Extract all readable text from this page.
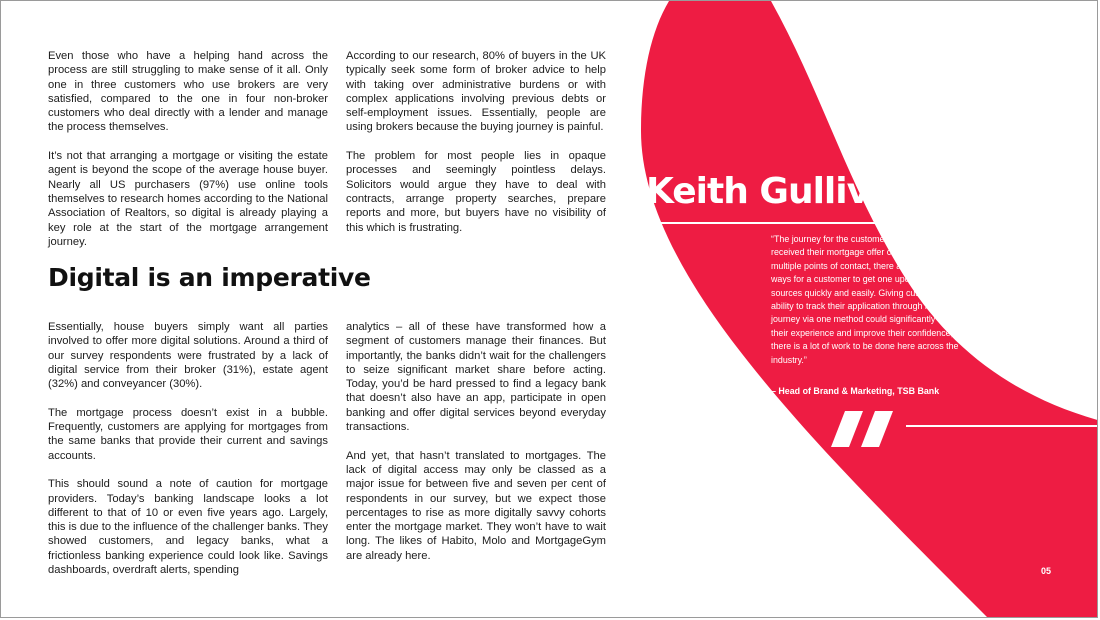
Even those who have a helping hand across the process are still struggling to make sense of it all. Only one in three customers who use brokers are very satisfied, compared to the one in four non-broker customers who deal directly with a lender and manage the process themselves.

It’s not that arranging a mortgage or visiting the estate agent is beyond the scope of the average house buyer. Nearly all US purchasers (97%) use online tools themselves to research homes according to the National Association of Realtors, so digital is already playing a key role at the start of the mortgage arrangement journey.

According to our research, 80% of buyers in the UK typically seek some form of broker advice to help with taking over administrative burdens or with complex applications involving previous debts or self-employment issues. Essentially, people are using brokers because the buying journey is painful.

The problem for most people lies in opaque processes and seemingly pointless delays. Solicitors would argue they have to deal with contracts, arrange property searches, prepare reports and more, but buyers have no visibility of this which is frustrating.

Digital is an imperative

Essentially, house buyers simply want all parties involved to offer more digital solutions. Around a third of our survey respondents were frustrated by a lack of digital service from their broker (31%), estate agent (32%) and conveyancer (30%).

The mortgage process doesn’t exist in a bubble. Frequently, customers are applying for mortgages from the same banks that provide their current and savings accounts.

This should sound a note of caution for mortgage providers. Today’s banking landscape looks a lot different to that of 10 or even five years ago. Largely, this is due to the influence of the challenger banks. They showed customers, and legacy banks, what a frictionless banking experience could look like. Savings dashboards, overdraft alerts, spending

analytics – all of these have transformed how a segment of customers manage their finances. But importantly, the banks didn’t wait for the challengers to seize significant market share before acting. Today, you’d be hard pressed to find a legacy bank that doesn’t also have an app, participate in open banking and offer digital services beyond everyday transactions.

And yet, that hasn’t translated to mortgages. The lack of digital access may only be classed as a major issue for between five and seven per cent of respondents in our survey, but we expect those percentages to rise as more digitally savvy cohorts enter the mortgage market. They won’t have to wait long. The likes of Habito, Molo and MortgageGym are already here.

Keith Gulliver
“The journey for the customer once they have received their mortgage offer can be challenging, with multiple points of contact, there are currently limited ways for a customer to get one update from all sources quickly and easily. Giving customers the ability to track their application through its whole journey via one method could significantly enhance their experience and improve their confidence, but there is a lot of work to be done here across the industry.”
– Head of Brand & Marketing, TSB Bank
05
